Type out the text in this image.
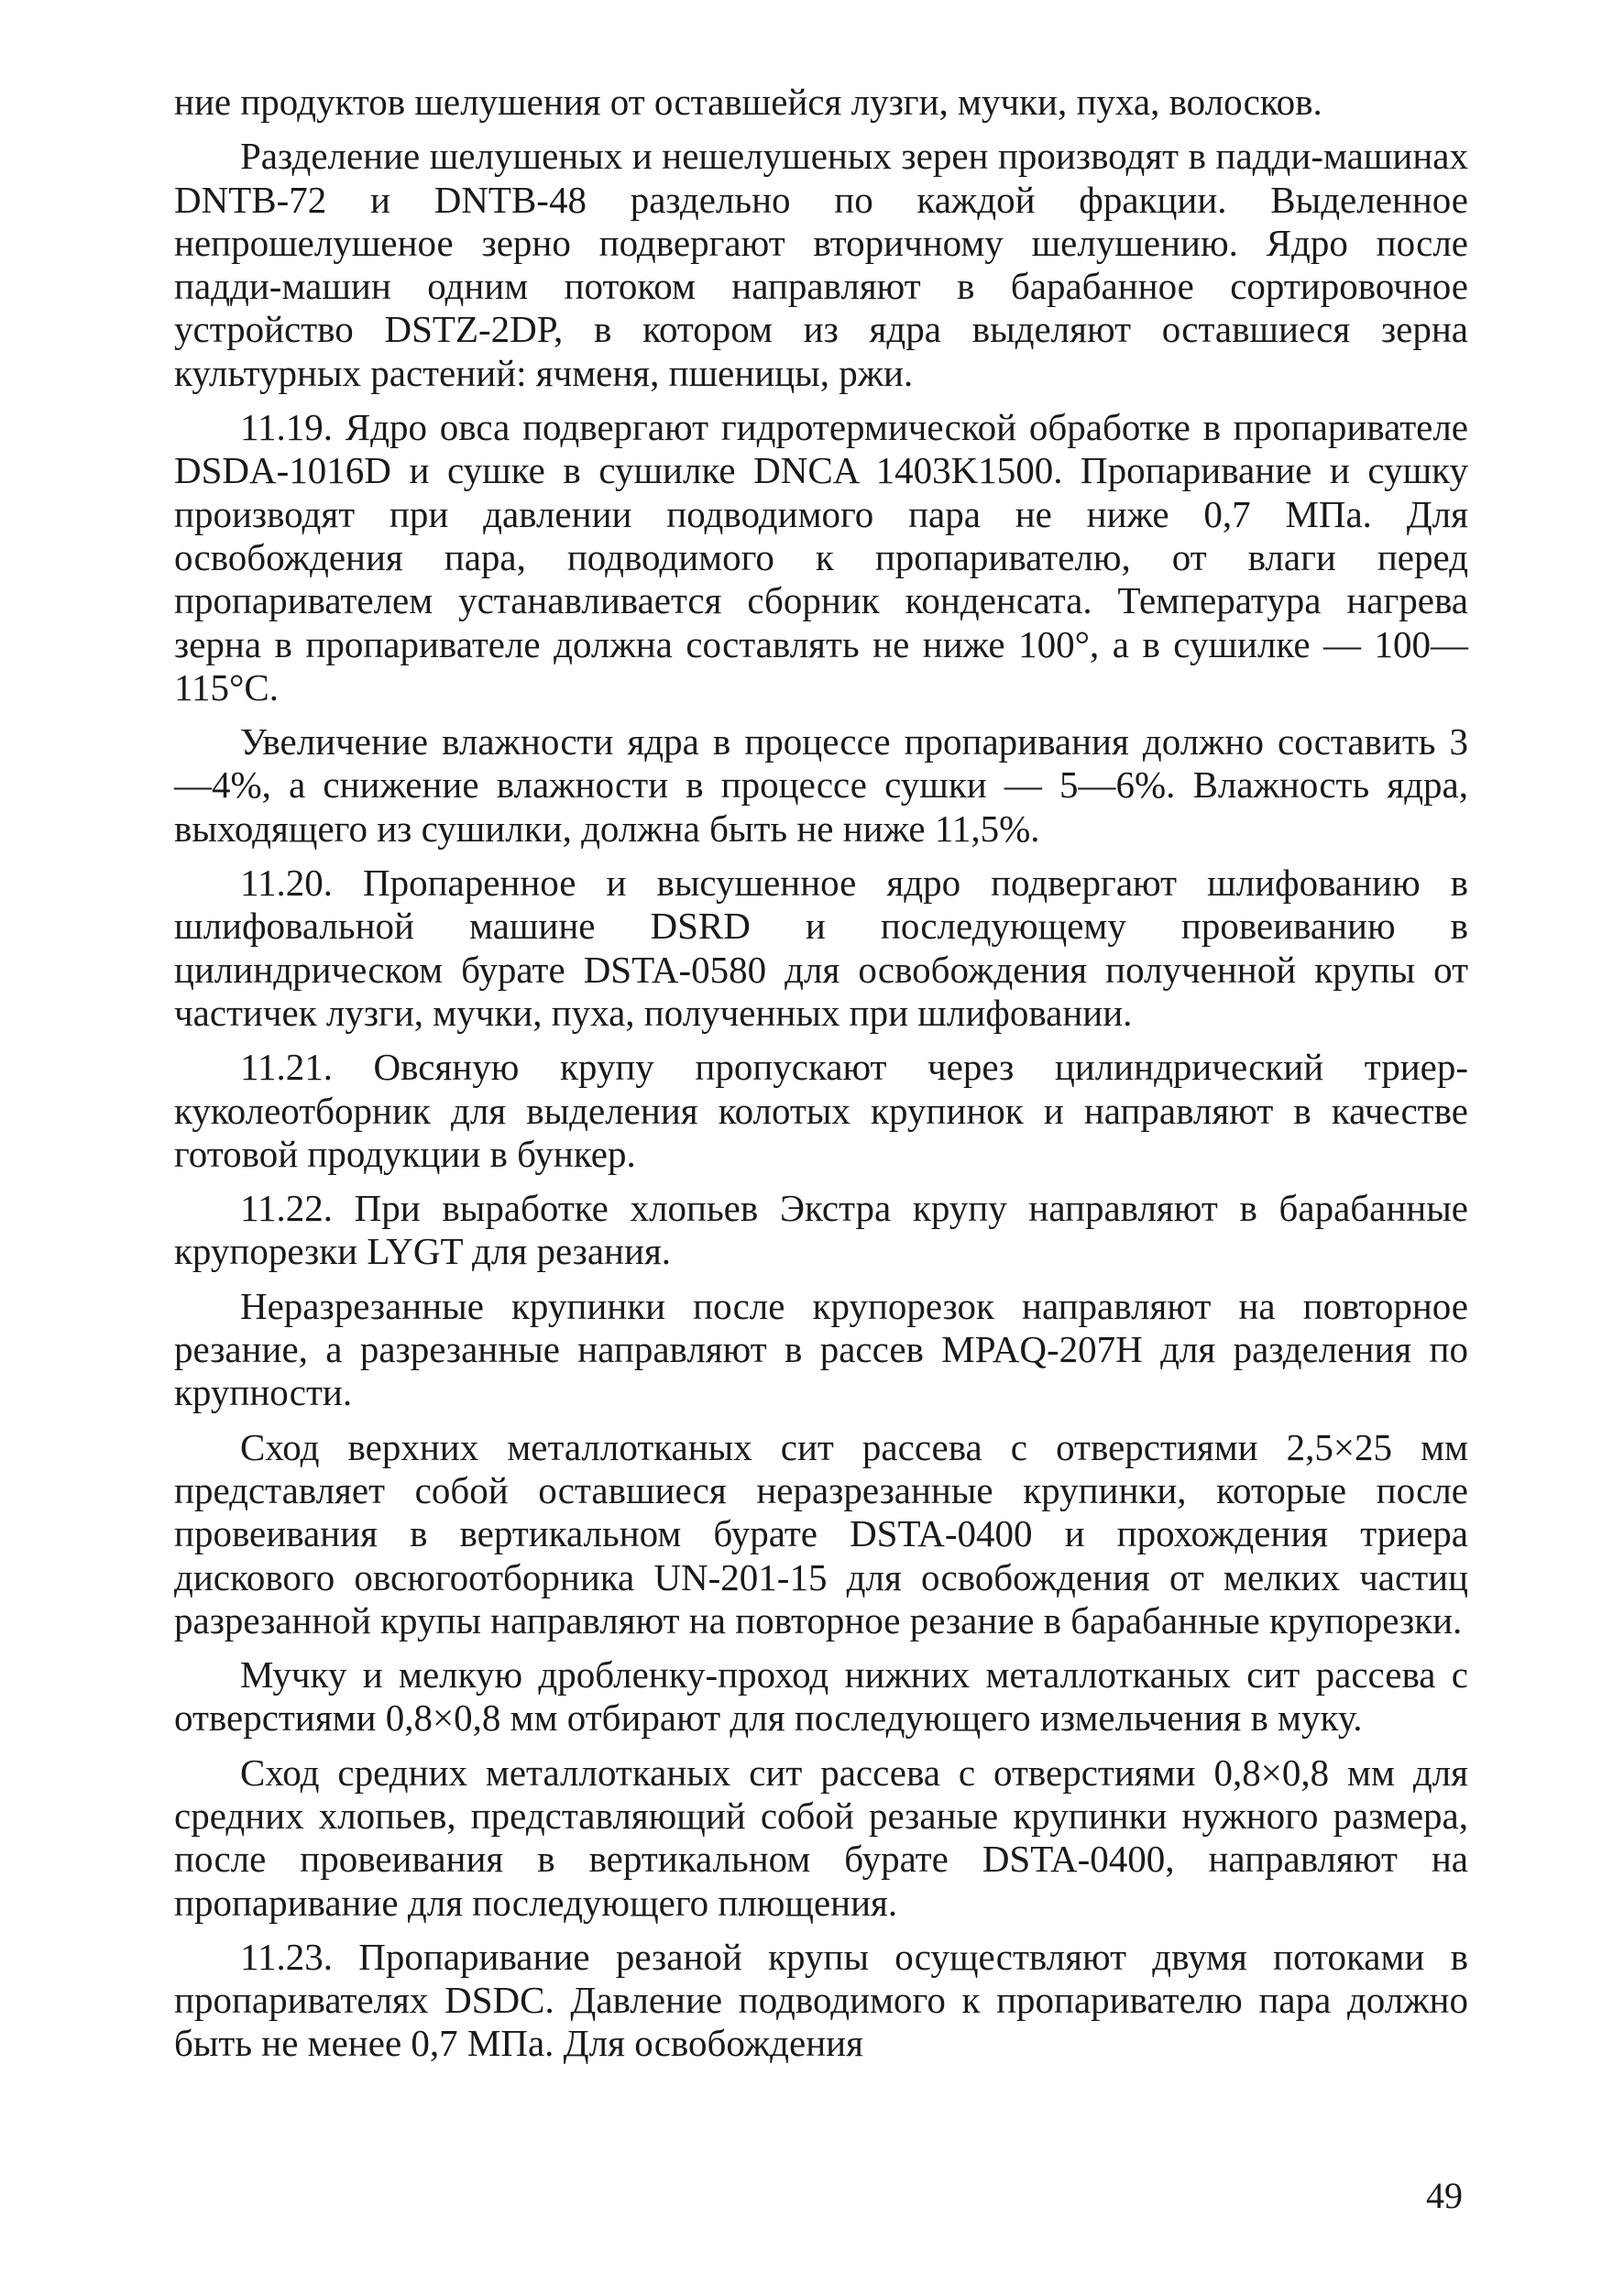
ние продуктов шелушения от оставшейся лузги, мучки, пуха, волосков.

Разделение шелушеных и нешелушеных зерен производят в падди-машинах DNTB-72 и DNTB-48 раздельно по каждой фракции. Выделенное непрошелушеное зерно подвергают вторичному шелушению. Ядро после падди-машин одним потоком направляют в барабанное сортировочное устройство DSTZ-2DP, в котором из ядра выделяют оставшиеся зерна культурных растений: ячменя, пшеницы, ржи.

11.19. Ядро овса подвергают гидротермической обработке в пропаривателе DSDA-1016D и сушке в сушилке DNCA 1403K1500. Пропаривание и сушку производят при давлении подводимого пара не ниже 0,7 МПа. Для освобождения пара, подводимого к пропаривателю, от влаги перед пропаривателем устанавливается сборник конденсата. Температура нагрева зерна в пропаривателе должна составлять не ниже 100°, а в сушилке — 100—115°С.

Увеличение влажности ядра в процессе пропаривания должно составить 3—4%, а снижение влажности в процессе сушки — 5—6%. Влажность ядра, выходящего из сушилки, должна быть не ниже 11,5%.

11.20. Пропаренное и высушенное ядро подвергают шлифованию в шлифовальной машине DSRD и последующему провеиванию в цилиндрическом бурате DSTA-0580 для освобождения полученной крупы от частичек лузги, мучки, пуха, полученных при шлифовании.

11.21. Овсяную крупу пропускают через цилиндрический триер-куколеотборник для выделения колотых крупинок и направляют в качестве готовой продукции в бункер.

11.22. При выработке хлопьев Экстра крупу направляют в барабанные крупорезки LYGT для резания.

Неразрезанные крупинки после крупорезок направляют на повторное резание, а разрезанные направляют в рассев MPAQ-207H для разделения по крупности.

Сход верхних металлотканых сит рассева с отверстиями 2,5×25 мм представляет собой оставшиеся неразрезанные крупинки, которые после провеивания в вертикальном бурате DSTA-0400 и прохождения триера дискового овсюгоотборника UN-201-15 для освобождения от мелких частиц разрезанной крупы направляют на повторное резание в барабанные крупорезки.

Мучку и мелкую дробленку-проход нижних металлотканых сит рассева с отверстиями 0,8×0,8 мм отбирают для последующего измельчения в муку.

Сход средних металлотканых сит рассева с отверстиями 0,8×0,8 мм для средних хлопьев, представляющий собой резаные крупинки нужного размера, после провеивания в вертикальном бурате DSTA-0400, направляют на пропаривание для последующего плющения.

11.23. Пропаривание резаной крупы осуществляют двумя потоками в пропаривателях DSDC. Давление подводимого к пропаривателю пара должно быть не менее 0,7 МПа. Для освобождения

49
